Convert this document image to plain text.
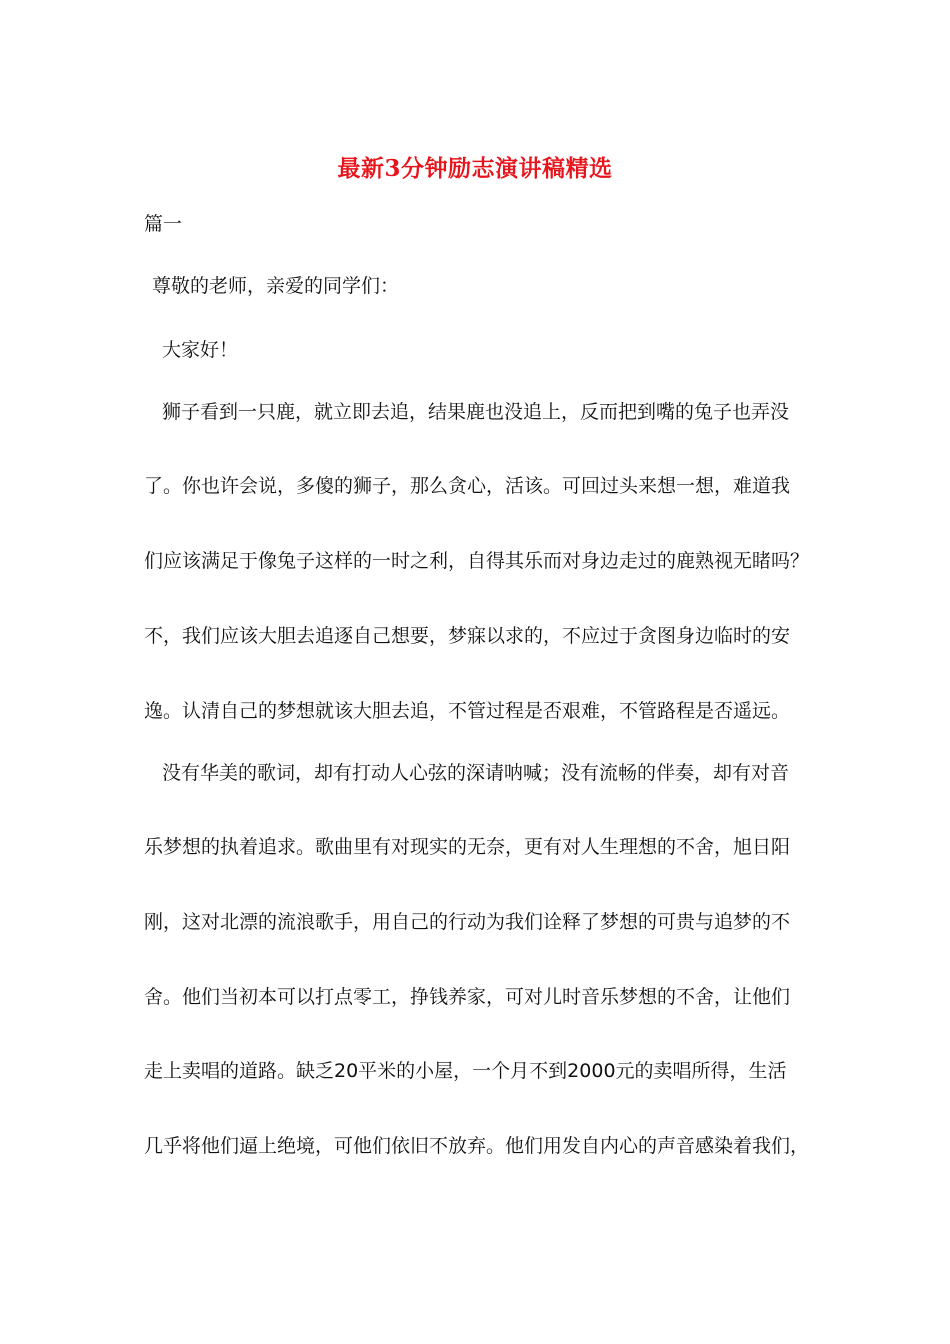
最新3分钟励志演讲稿精选
篇一
尊敬的老师，亲爱的同学们：
大家好！
狮子看到一只鹿，就立即去追，结果鹿也没追上，反而把到嘴的兔子也弄没
了。你也许会说，多傻的狮子，那么贪心，活该。可回过头来想一想，难道我
们应该满足于像兔子这样的一时之利，自得其乐而对身边走过的鹿熟视无睹吗？
不，我们应该大胆去追逐自己想要，梦寐以求的，不应过于贪图身边临时的安
逸。认清自己的梦想就该大胆去追，不管过程是否艰难，不管路程是否遥远。
没有华美的歌词，却有打动人心弦的深请呐喊；没有流畅的伴奏，却有对音
乐梦想的执着追求。歌曲里有对现实的无奈，更有对人生理想的不舍，旭日阳
刚，这对北漂的流浪歌手，用自己的行动为我们诠释了梦想的可贵与追梦的不
舍。他们当初本可以打点零工，挣钱养家，可对儿时音乐梦想的不舍，让他们
走上卖唱的道路。缺乏20平米的小屋，一个月不到2000元的卖唱所得，生活
几乎将他们逼上绝境，可他们依旧不放弃。他们用发自内心的声音感染着我们，
